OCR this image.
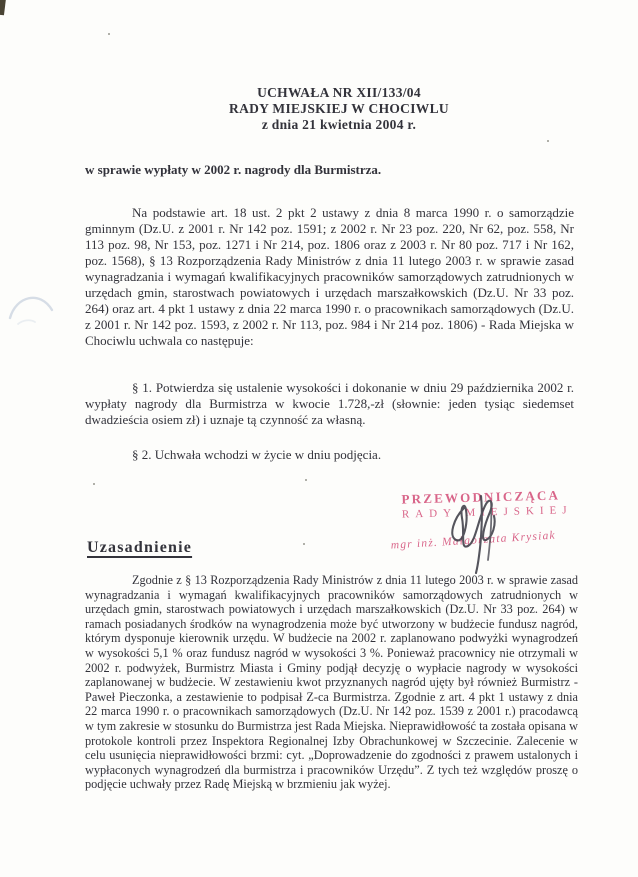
UCHWAŁA NR XII/133/04
RADY MIEJSKIEJ W CHOCIWLU
z dnia 21 kwietnia 2004 r.
w sprawie wypłaty w 2002 r. nagrody dla Burmistrza.

Na podstawie art. 18 ust. 2 pkt 2 ustawy z dnia 8 marca 1990 r. o samorządzie gminnym (Dz.U. z 2001 r. Nr 142 poz. 1591; z 2002 r. Nr 23 poz. 220, Nr 62, poz. 558, Nr 113 poz. 98, Nr 153, poz. 1271 i Nr 214, poz. 1806 oraz z 2003 r. Nr 80 poz. 717 i Nr 162, poz. 1568), § 13 Rozporządzenia Rady Ministrów z dnia 11 lutego 2003 r. w sprawie zasad wynagradzania i wymagań kwalifikacyjnych pracowników samorządowych zatrudnionych w urzędach gmin, starostwach powiatowych i urzędach marszałkowskich (Dz.U. Nr 33 poz. 264) oraz art. 4 pkt 1 ustawy z dnia 22 marca 1990 r. o pracownikach samorządowych (Dz.U. z 2001 r. Nr 142 poz. 1593, z 2002 r. Nr 113, poz. 984 i Nr 214 poz. 1806) - Rada Miejska w Chociwlu uchwala co następuje:

§ 1. Potwierdza się ustalenie wysokości i dokonanie w dniu 29 października 2002 r. wypłaty nagrody dla Burmistrza w kwocie 1.728,-zł (słownie: jeden tysiąc siedemset dwadzieścia osiem zł) i uznaje tą czynność za własną.

§ 2. Uchwała wchodzi w życie w dniu podjęcia.

PRZEWODNICZĄCA
RADY MIEJSKIEJ
mgr inż. Małgorzata Krysiak
Uzasadnienie

Zgodnie z § 13 Rozporządzenia Rady Ministrów z dnia 11 lutego 2003 r. w sprawie zasad wynagradzania i wymagań kwalifikacyjnych pracowników samorządowych zatrudnionych w urzędach gmin, starostwach powiatowych i urzędach marszałkowskich (Dz.U. Nr 33 poz. 264) w ramach posiadanych środków na wynagrodzenia może być utworzony w budżecie fundusz nagród, którym dysponuje kierownik urzędu. W budżecie na 2002 r. zaplanowano podwyżki wynagrodzeń w wysokości 5,1 % oraz fundusz nagród w wysokości 3 %. Ponieważ pracownicy nie otrzymali w 2002 r. podwyżek, Burmistrz Miasta i Gminy podjął decyzję o wypłacie nagrody w wysokości zaplanowanej w budżecie. W zestawieniu kwot przyznanych nagród ujęty był również Burmistrz - Paweł Pieczonka, a zestawienie to podpisał Z-ca Burmistrza. Zgodnie z art. 4 pkt 1 ustawy z dnia 22 marca 1990 r. o pracownikach samorządowych (Dz.U. Nr 142 poz. 1539 z 2001 r.) pracodawcą w tym zakresie w stosunku do Burmistrza jest Rada Miejska. Nieprawidłowość ta została opisana w protokole kontroli przez Inspektora Regionalnej Izby Obrachunkowej w Szczecinie. Zalecenie w celu usunięcia nieprawidłowości brzmi: cyt. „Doprowadzenie do zgodności z prawem ustalonych i wypłaconych wynagrodzeń dla burmistrza i pracowników Urzędu”. Z tych też względów proszę o podjęcie uchwały przez Radę Miejską w brzmieniu jak wyżej.
